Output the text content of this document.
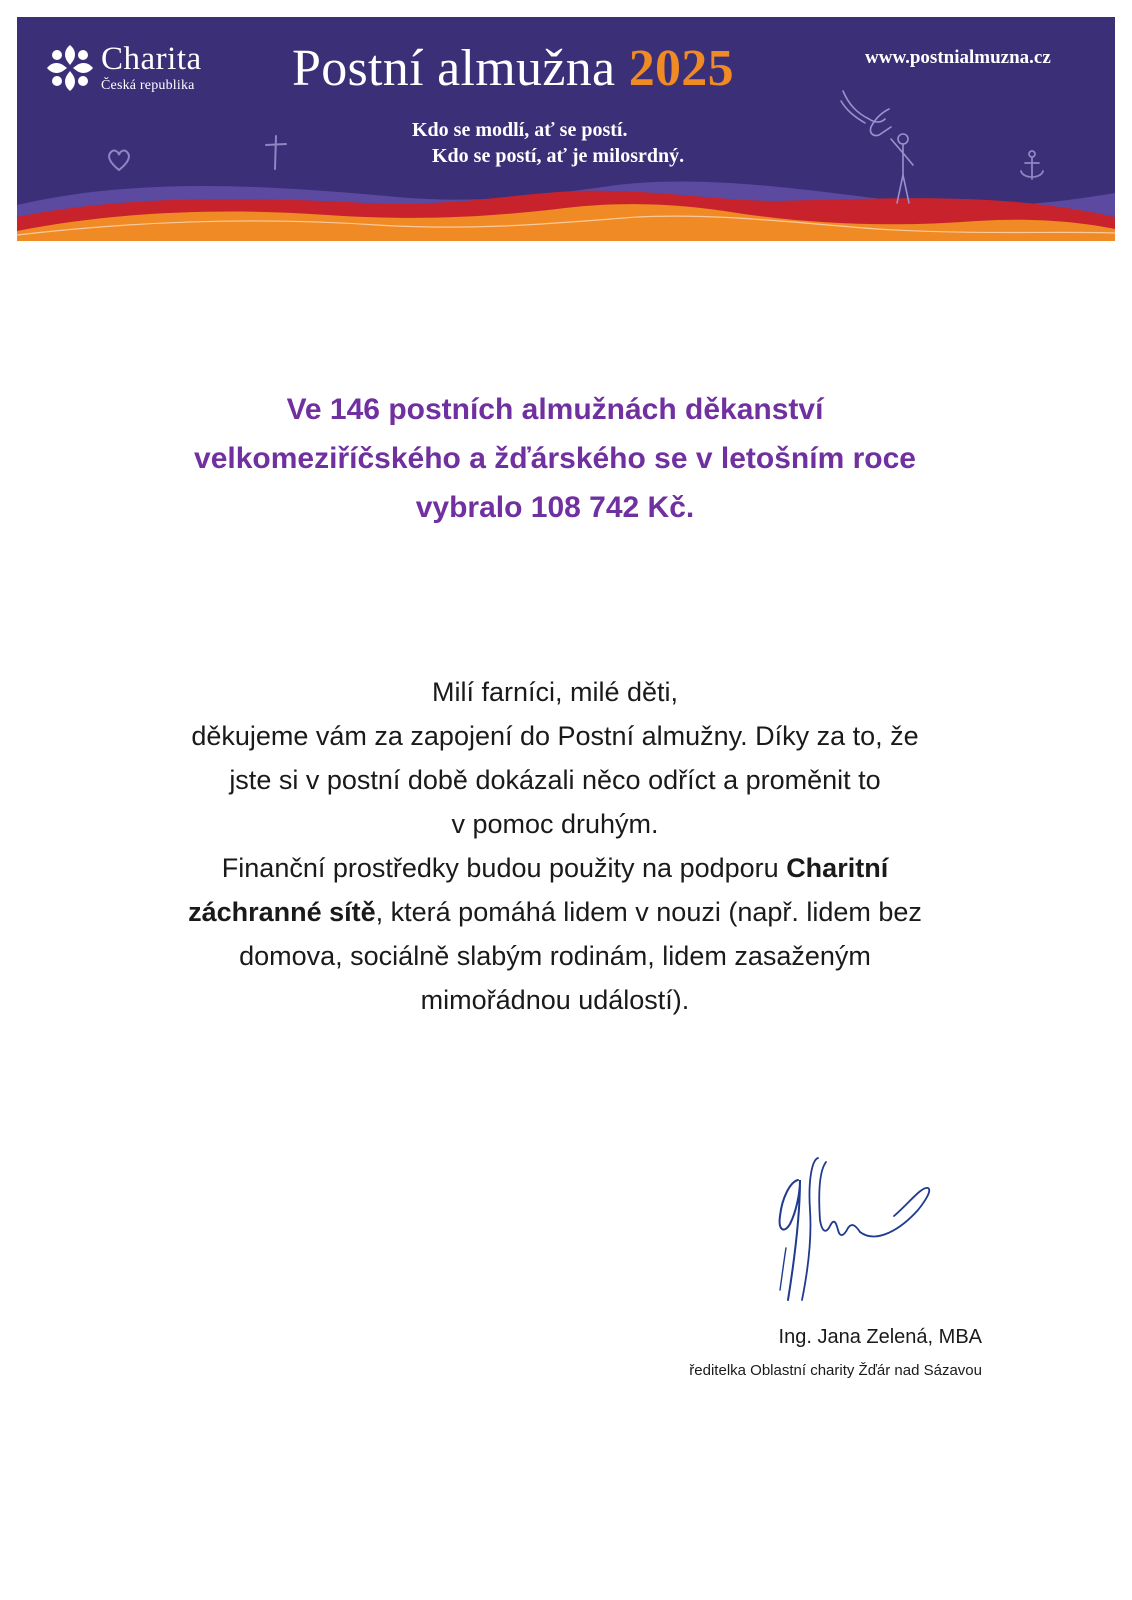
Charita
Česká republika Postní almužna 2025	www.postnialmuzna.cz
Kdo se modlí, ať se postí.
Kdo se postí, ať je milosrdný.
Ve 146 postních almužnách děkanství
velkomeziříčského a žďárského se v letošním roce
vybralo 108 742 Kč.

Milí farníci, milé děti,

děkujeme vám za zapojení do Postní almužny. Díky za to, že

jste si v postní době dokázali něco odříct a proměnit to

v pomoc druhým.

Finanční prostředky budou použity na podporu Charitní

záchranné sítě, která pomáhá lidem v nouzi (např. lidem bez

domova, sociálně slabým rodinám, lidem zasaženým

mimořádnou událostí).

Ing. Jana Zelená, MBA
ředitelka Oblastní charity Žďár nad Sázavou
